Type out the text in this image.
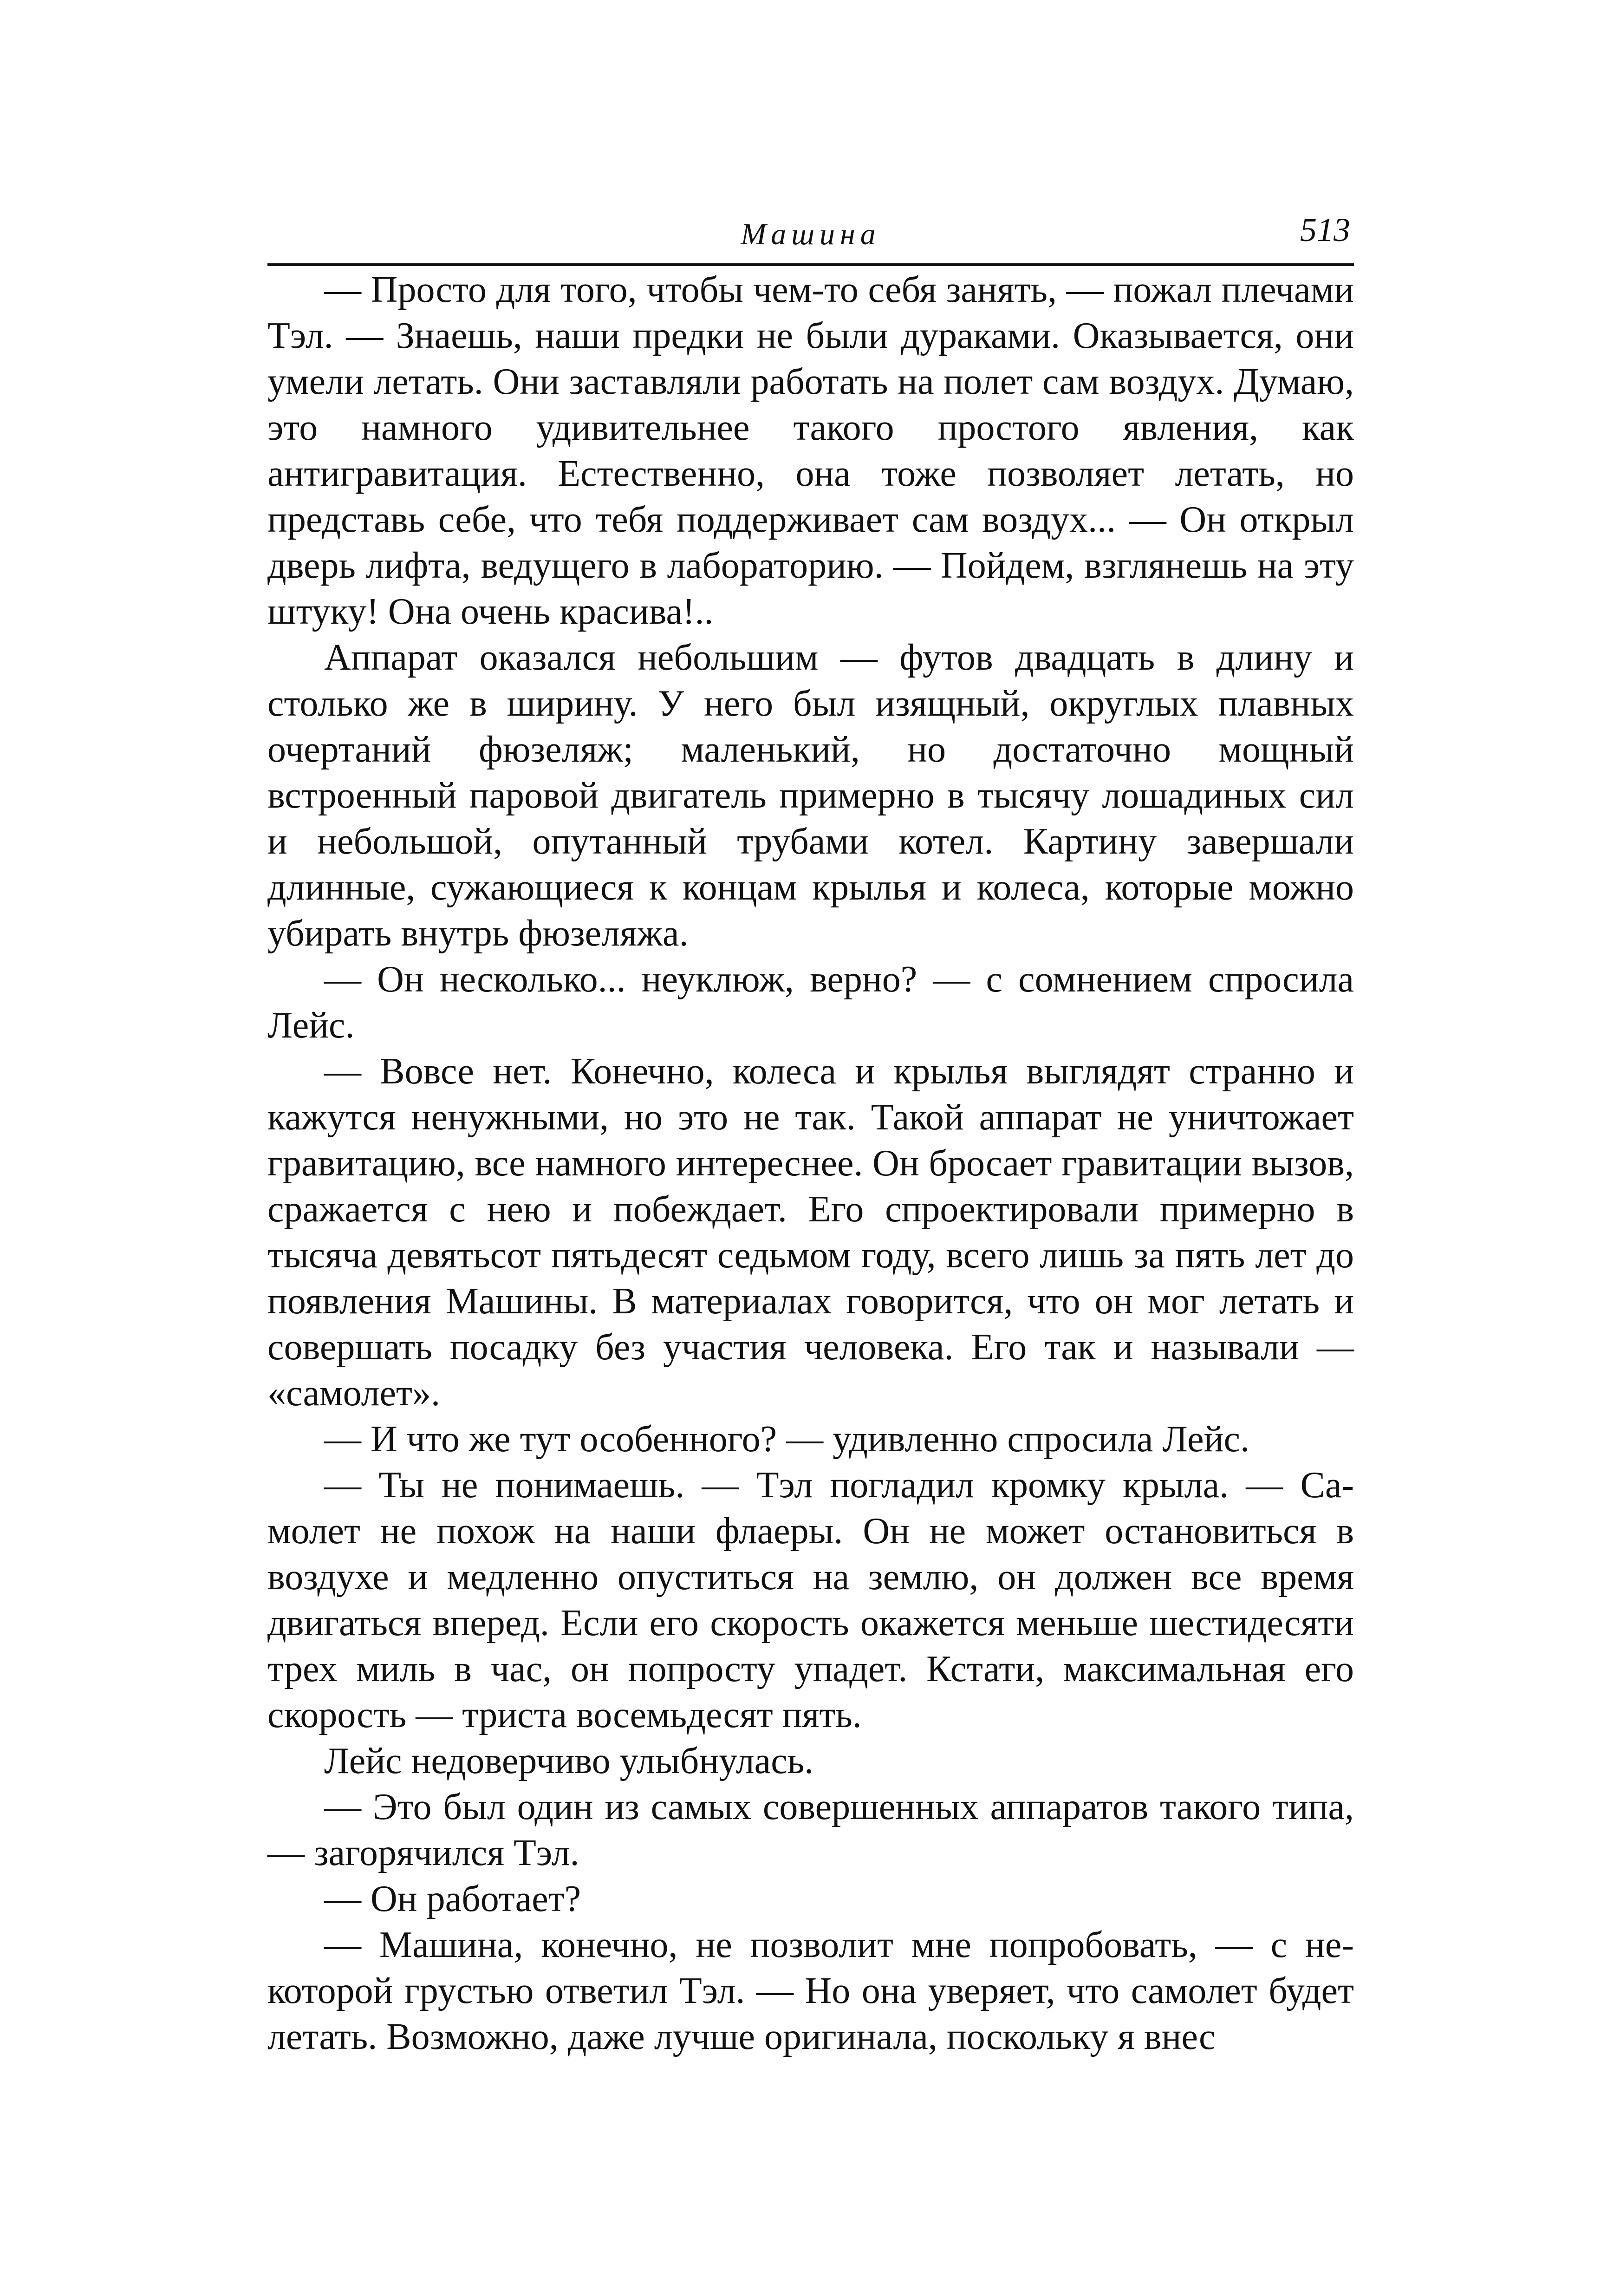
Машина	513

— Просто для того, чтобы чем-то себя занять, — пожал плечами Тэл. — Знаешь, наши предки не были дураками. Оказывается, они умели летать. Они заставляли работать на полет сам воздух. Думаю, это намного удивительнее такого простого явления, как антигравитация. Естественно, она тоже позволяет летать, но представь себе, что тебя поддерживает сам воздух... — Он открыл дверь лифта, ведущего в лабораторию. — Пойдем, взглянешь на эту штуку! Она очень красива!..

Аппарат оказался небольшим — футов двадцать в длину и столько же в ширину. У него был изящный, округлых плавных очертаний фюзеляж; маленький, но достаточно мощный встроенный паровой двигатель примерно в тысячу лошадиных сил и небольшой, опутанный трубами котел. Картину завершали длинные, сужающиеся к концам крылья и колеса, которые можно убирать внутрь фюзеляжа.

— Он несколько... неуклюж, верно? — с сомнением спросила Лейс.

— Вовсе нет. Конечно, колеса и крылья выглядят странно и кажутся ненужными, но это не так. Такой аппарат не уничтожает гравитацию, все намного интереснее. Он бросает гравитации вызов, сражается с нею и побеждает. Его спроектировали примерно в тысяча девятьсот пятьдесят седьмом году, всего лишь за пять лет до появления Машины. В материалах говорится, что он мог летать и совершать посадку без участия человека. Его так и называли — «самолет».

— И что же тут особенного? — удивленно спросила Лейс.

— Ты не понимаешь. — Тэл погладил кромку крыла. — Самолет не похож на наши флаеры. Он не может остановиться в воздухе и медленно опуститься на землю, он должен все время двигаться вперед. Если его скорость окажется меньше шестидесяти трех миль в час, он попросту упадет. Кстати, максимальная его скорость — триста восемьдесят пять.

Лейс недоверчиво улыбнулась.

— Это был один из самых совершенных аппаратов такого типа, — загорячился Тэл.

— Он работает?

— Машина, конечно, не позволит мне попробовать, — с некоторой грустью ответил Тэл. — Но она уверяет, что самолет будет летать. Возможно, даже лучше оригинала, поскольку я внес
